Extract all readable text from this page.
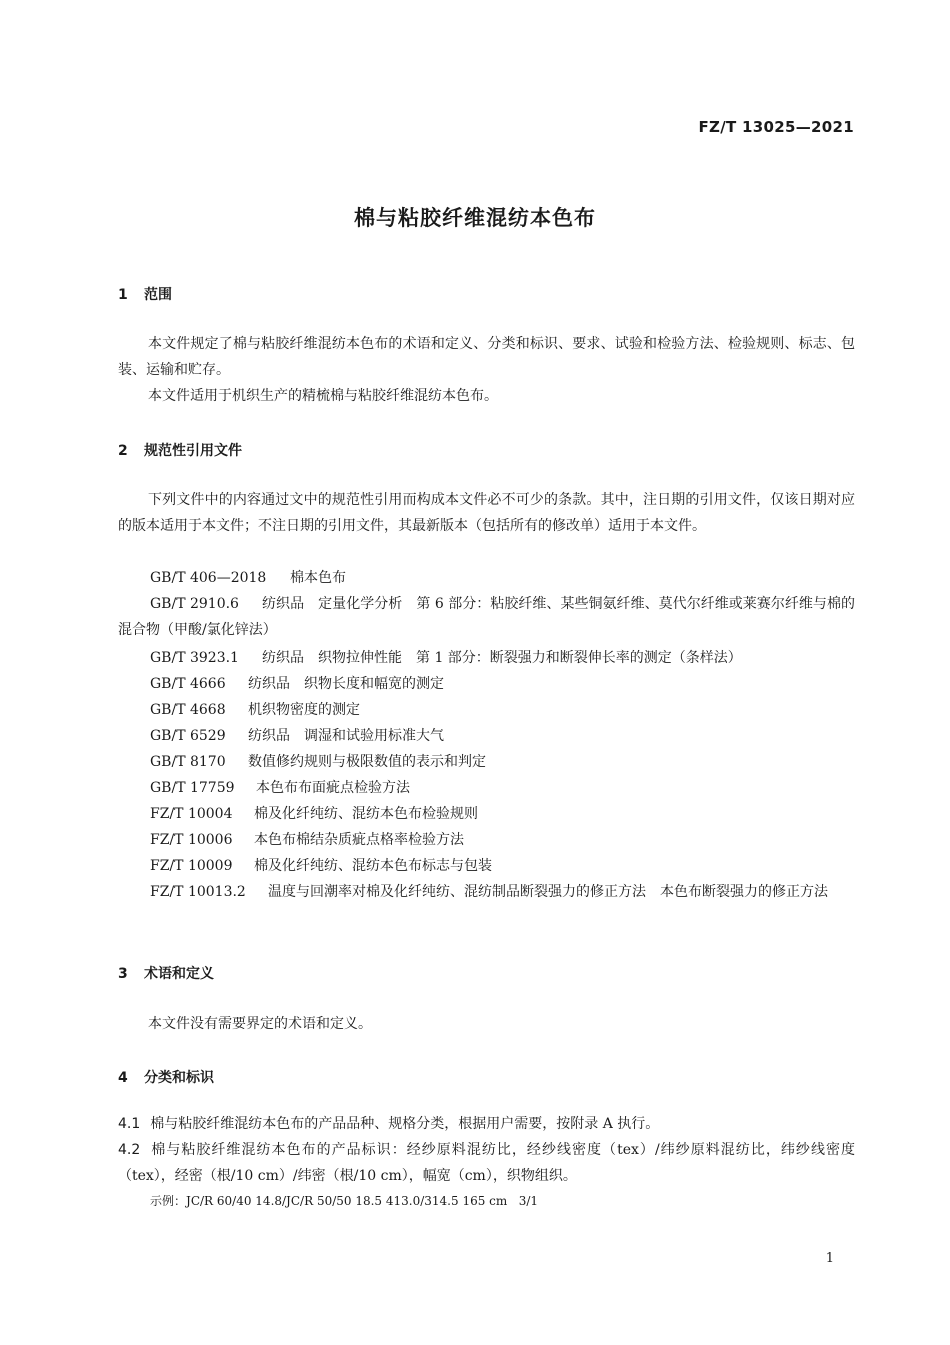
FZ/T 13025—2021
棉与粘胶纤维混纺本色布
1 范围
本文件规定了棉与粘胶纤维混纺本色布的术语和定义、分类和标识、要求、试验和检验方法、检验规则、标志、包装、运输和贮存。
本文件适用于机织生产的精梳棉与粘胶纤维混纺本色布。
2 规范性引用文件
下列文件中的内容通过文中的规范性引用而构成本文件必不可少的条款。其中，注日期的引用文件，仅该日期对应的版本适用于本文件；不注日期的引用文件，其最新版本（包括所有的修改单）适用于本文件。
GB/T 406—2018 棉本色布
GB/T 2910.6 纺织品　定量化学分析　第 6 部分：粘胶纤维、某些铜氨纤维、莫代尔纤维或莱赛尔纤维与棉的混合物（甲酸/氯化锌法）
GB/T 3923.1 纺织品　织物拉伸性能　第 1 部分：断裂强力和断裂伸长率的测定（条样法）
GB/T 4666 纺织品　织物长度和幅宽的测定
GB/T 4668 机织物密度的测定
GB/T 6529 纺织品　调湿和试验用标准大气
GB/T 8170 数值修约规则与极限数值的表示和判定
GB/T 17759 本色布布面疵点检验方法
FZ/T 10004 棉及化纤纯纺、混纺本色布检验规则
FZ/T 10006 本色布棉结杂质疵点格率检验方法
FZ/T 10009 棉及化纤纯纺、混纺本色布标志与包装
FZ/T 10013.2 温度与回潮率对棉及化纤纯纺、混纺制品断裂强力的修正方法　本色布断裂强力的修正方法
3 术语和定义
本文件没有需要界定的术语和定义。
4 分类和标识
4.1 棉与粘胶纤维混纺本色布的产品品种、规格分类，根据用户需要，按附录 A 执行。
4.2 棉与粘胶纤维混纺本色布的产品标识：经纱原料混纺比，经纱线密度（tex）/纬纱原料混纺比，纬纱线密度（tex），经密（根/10 cm）/纬密（根/10 cm），幅宽（cm），织物组织。
示例：JC/R 60/40 14.8/JC/R 50/50 18.5 413.0/314.5 165 cm   3/1
1
